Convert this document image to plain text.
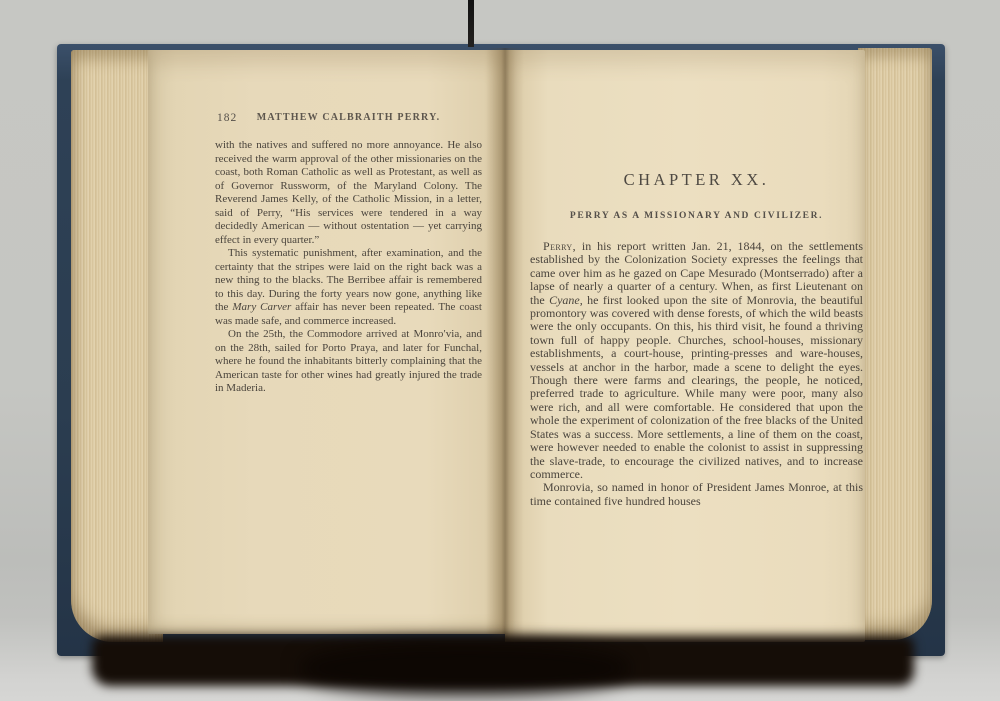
182	MATTHEW CALBRAITH PERRY.

with the natives and suffered no more annoyance. He also received the warm approval of the other missionaries on the coast, both Roman Catholic as well as Protestant, as well as of Governor Russworm, of the Maryland Colony. The Reverend James Kelly, of the Catholic Mission, in a letter, said of Perry, “His services were tendered in a way decidedly American — without ostentation — yet carrying effect in every quarter.”

This systematic punishment, after examination, and the certainty that the stripes were laid on the right back was a new thing to the blacks. The Berribee affair is remembered to this day. During the forty years now gone, anything like the Mary Carver affair has never been repeated. The coast was made safe, and commerce increased.

On the 25th, the Commodore arrived at Monro′via, and on the 28th, sailed for Porto Praya, and later for Funchal, where he found the inhabitants bitterly complaining that the American taste for other wines had greatly injured the trade in Maderia.

CHAPTER XX.
PERRY AS A MISSIONARY AND CIVILIZER.

Perry, in his report written Jan. 21, 1844, on the settlements established by the Colonization Society expresses the feelings that came over him as he gazed on Cape Mesurado (Montserrado) after a lapse of nearly a quarter of a century. When, as first Lieutenant on the Cyane, he first looked upon the site of Monrovia, the beautiful promontory was covered with dense forests, of which the wild beasts were the only occupants. On this, his third visit, he found a thriving town full of happy people. Churches, school-houses, missionary establishments, a court-house, printing-presses and ware-houses, vessels at anchor in the harbor, made a scene to delight the eyes. Though there were farms and clearings, the people, he noticed, preferred trade to agriculture. While many were poor, many also were rich, and all were comfortable. He considered that upon the whole the experiment of colonization of the free blacks of the United States was a success. More settlements, a line of them on the coast, were however needed to enable the colonist to assist in suppressing the slave-trade, to encourage the civilized natives, and to increase commerce.

Monrovia, so named in honor of President James Monroe, at this time contained five hundred houses
